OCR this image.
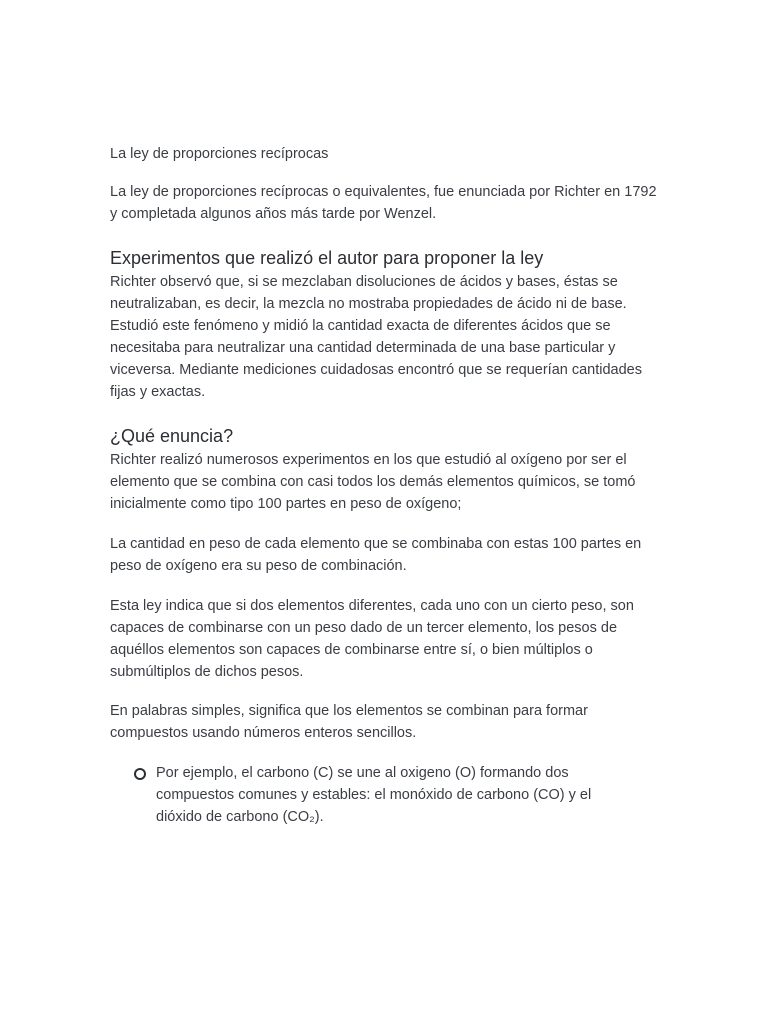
La ley de proporciones recíprocas

La ley de proporciones recíprocas o equivalentes, fue enunciada por Richter en 1792 y completada algunos años más tarde por Wenzel.

Experimentos que realizó el autor para proponer la ley

Richter observó que, si se mezclaban disoluciones de ácidos y bases, éstas se neutralizaban, es decir, la mezcla no mostraba propiedades de ácido ni de base. Estudió este fenómeno y midió la cantidad exacta de diferentes ácidos que se necesitaba para neutralizar una cantidad determinada de una base particular y viceversa. Mediante mediciones cuidadosas encontró que se requerían cantidades fijas y exactas.

¿Qué enuncia?

Richter realizó numerosos experimentos en los que estudió al oxígeno por ser el elemento que se combina con casi todos los demás elementos químicos, se tomó inicialmente como tipo 100 partes en peso de oxígeno;

La cantidad en peso de cada elemento que se combinaba con estas 100 partes en peso de oxígeno era su peso de combinación.

Esta ley indica que si dos elementos diferentes, cada uno con un cierto peso, son capaces de combinarse con un peso dado de un tercer elemento, los pesos de aquéllos elementos son capaces de combinarse entre sí, o bien múltiplos o submúltiplos de dichos pesos.

En palabras simples, significa que los elementos se combinan para formar compuestos usando números enteros sencillos.

Por ejemplo, el carbono (C) se une al oxigeno (O) formando dos compuestos comunes y estables: el monóxido de carbono (CO) y el dióxido de carbono (CO₂).
